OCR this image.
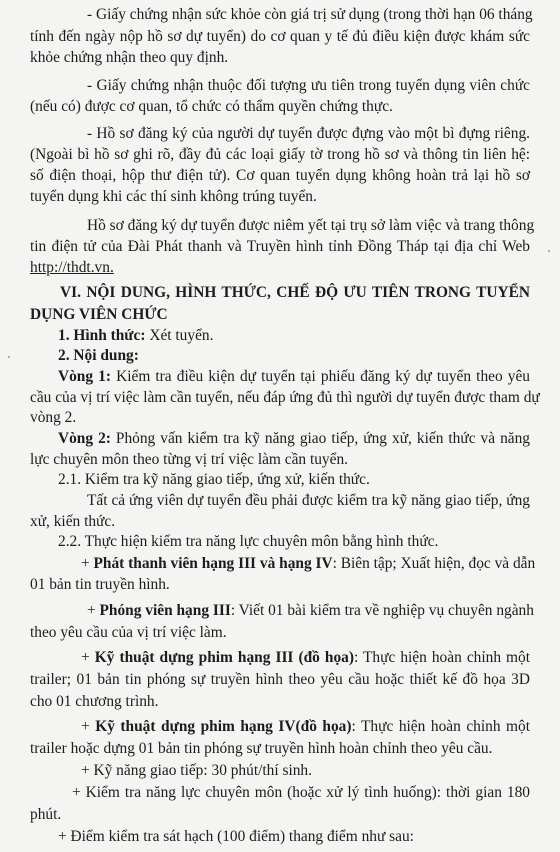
- Giấy chứng nhận sức khỏe còn giá trị sử dụng (trong thời hạn 06 tháng
tính đến ngày nộp hồ sơ dự tuyển) do cơ quan y tế đủ điều kiện được khám sức
khỏe chứng nhận theo quy định.
- Giấy chứng nhận thuộc đối tượng ưu tiên trong tuyển dụng viên chức
(nếu có) được cơ quan, tổ chức có thẩm quyền chứng thực.
- Hồ sơ đăng ký của người dự tuyển được đựng vào một bì đựng riêng.
(Ngoài bì hồ sơ ghi rõ, đầy đủ các loại giấy tờ trong hồ sơ và thông tin liên hệ:
số điện thoại, hộp thư điện tử). Cơ quan tuyển dụng không hoàn trả lại hồ sơ
tuyển dụng khi các thí sinh không trúng tuyển.
Hồ sơ đăng ký dự tuyển được niêm yết tại trụ sở làm việc và trang thông
tin điện tử của Đài Phát thanh và Truyền hình tỉnh Đồng Tháp tại địa chỉ Web
http://thdt.vn.
VI. NỘI DUNG, HÌNH THỨC, CHẾ ĐỘ ƯU TIÊN TRONG TUYỂN
DỤNG VIÊN CHỨC
1. Hình thức: Xét tuyển.
2. Nội dung:
Vòng 1: Kiểm tra điều kiện dự tuyển tại phiếu đăng ký dự tuyển theo yêu
cầu của vị trí việc làm cần tuyển, nếu đáp ứng đủ thì người dự tuyển được tham dự
vòng 2.
Vòng 2: Phỏng vấn kiểm tra kỹ năng giao tiếp, ứng xử, kiến thức và năng
lực chuyên môn theo từng vị trí việc làm cần tuyển.
2.1. Kiểm tra kỹ năng giao tiếp, ứng xử, kiến thức.
Tất cả ứng viên dự tuyển đều phải được kiểm tra kỹ năng giao tiếp, ứng
xử, kiến thức.
2.2. Thực hiện kiểm tra năng lực chuyên môn bằng hình thức.
+ Phát thanh viên hạng III và hạng IV: Biên tập; Xuất hiện, đọc và dẫn
01 bản tin truyền hình.
+ Phóng viên hạng III: Viết 01 bài kiểm tra về nghiệp vụ chuyên ngành
theo yêu cầu của vị trí việc làm.
+ Kỹ thuật dựng phim hạng III (đồ họa): Thực hiện hoàn chỉnh một
trailer; 01 bản tin phóng sự truyền hình theo yêu cầu hoặc thiết kế đồ họa 3D
cho 01 chương trình.
+ Kỹ thuật dựng phim hạng IV(đồ họa): Thực hiện hoàn chỉnh một
trailer hoặc dựng 01 bản tin phóng sự truyền hình hoàn chỉnh theo yêu cầu.
+ Kỹ năng giao tiếp: 30 phút/thí sinh.
+ Kiểm tra năng lực chuyên môn (hoặc xử lý tình huống): thời gian 180
phút.
+ Điểm kiểm tra sát hạch (100 điểm) thang điểm như sau:
